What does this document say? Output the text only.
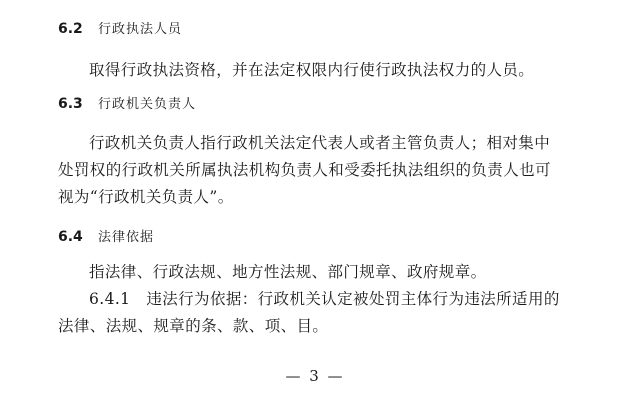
6.2 行政执法人员
取得行政执法资格，并在法定权限内行使行政执法权力的人员。
6.3 行政机关负责人
行政机关负责人指行政机关法定代表人或者主管负责人；相对集中
处罚权的行政机关所属执法机构负责人和受委托执法组织的负责人也可
视为“行政机关负责人”。
6.4 法律依据
指法律、行政法规、地方性法规、部门规章、政府规章。
6.4.1　违法行为依据：行政机关认定被处罚主体行为违法所适用的
法律、法规、规章的条、款、项、目。
— 3 —
